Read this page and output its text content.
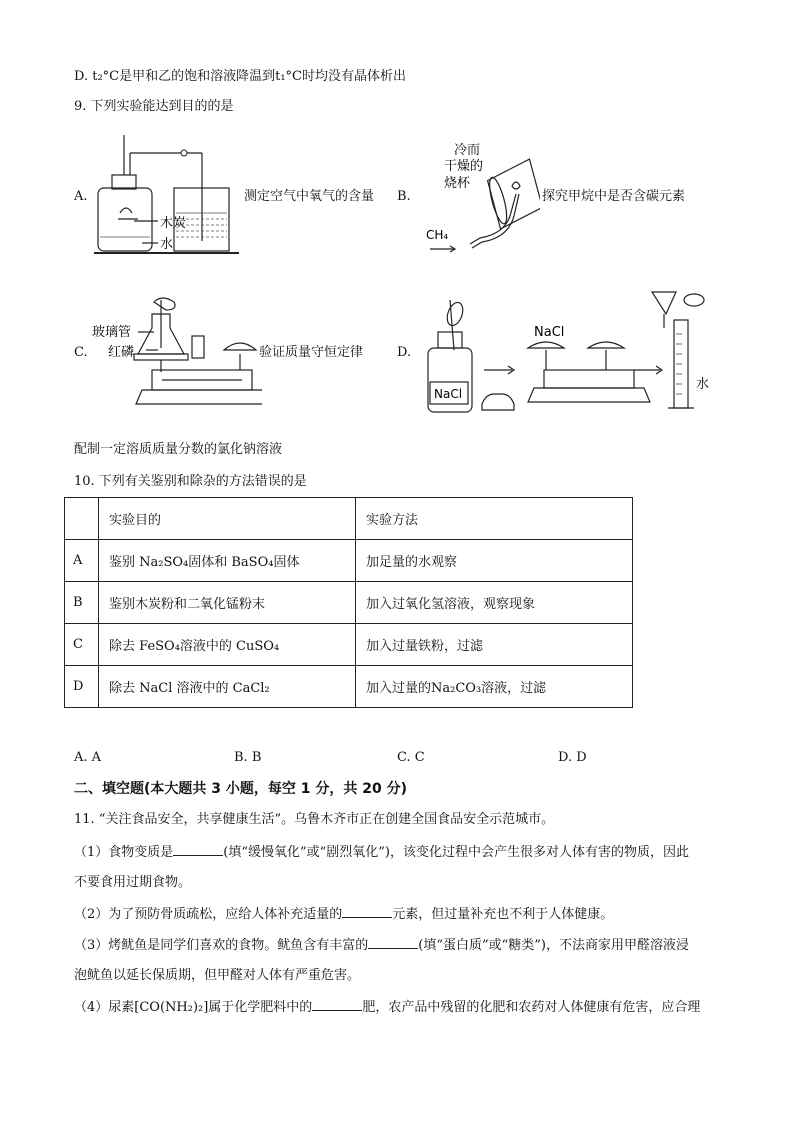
D. t₂°C是甲和乙的饱和溶液降温到t₁°C时均没有晶体析出
9. 下列实验能达到目的的是
A.
木炭
水
测定空气中氧气的含量 B.
冷而
干燥的
烧杯
CH₄
探究甲烷中是否含碳元素
C.
玻璃管
红磷	验证质量守恒定律	D.
NaCl
NaCl
水
配制一定溶质质量分数的氯化钠溶液
10. 下列有关鉴别和除杂的方法错误的是
	实验目的	实验方法
A	鉴别 Na₂SO₄固体和 BaSO₄固体	加足量的水观察
B	鉴别木炭粉和二氧化锰粉末	加入过氧化氢溶液，观察现象
C	除去 FeSO₄溶液中的 CuSO₄	加入过量铁粉，过滤
D	除去 NaCl 溶液中的 CaCl₂	加入过量的Na₂CO₃溶液，过滤
A. A	B. B	C. C	D. D
二、填空题(本大题共 3 小题，每空 1 分，共 20 分)
11. “关注食品安全，共享健康生活”。乌鲁木齐市正在创建全国食品安全示范城市。
（1）食物变质是	(填“缓慢氧化”或“剧烈氧化”)，该变化过程中会产生很多对人体有害的物质，因此
不要食用过期食物。
（2）为了预防骨质疏松，应给人体补充适量的	元素，但过量补充也不利于人体健康。
（3）烤鱿鱼是同学们喜欢的食物。鱿鱼含有丰富的	(填“蛋白质”或“糖类”)，不法商家用甲醛溶液浸
泡鱿鱼以延长保质期，但甲醛对人体有严重危害。
（4）尿素[CO(NH₂)₂]属于化学肥料中的	肥，农产品中残留的化肥和农药对人体健康有危害，应合理
